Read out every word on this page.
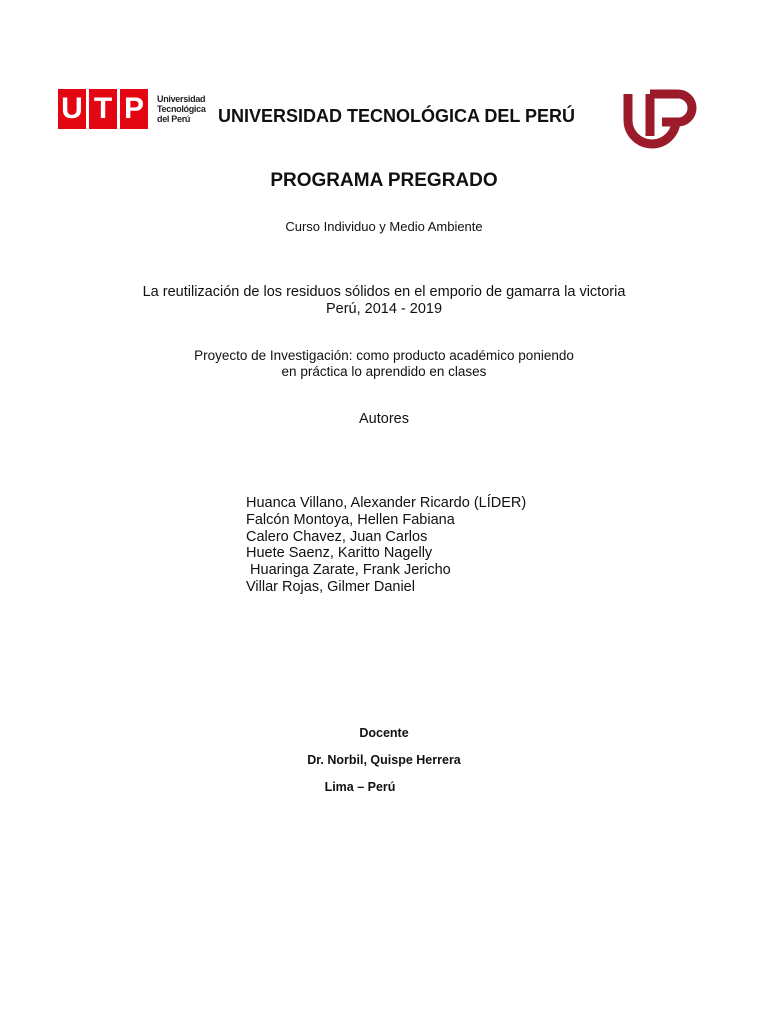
U T P	Universidad
Tecnológica
del Perú	UNIVERSIDAD TECNOLÓGICA DEL PERÚ
PROGRAMA PREGRADO
Curso Individuo y Medio Ambiente
La reutilización de los residuos sólidos en el emporio de gamarra la victoria
Perú, 2014 - 2019
Proyecto de Investigación: como producto académico poniendo
en práctica lo aprendido en clases
Autores
Huanca Villano, Alexander Ricardo (LÍDER)
Falcón Montoya, Hellen Fabiana
Calero Chavez, Juan Carlos
Huete Saenz, Karitto Nagelly
Huaringa Zarate, Frank Jericho
Villar Rojas, Gilmer Daniel
Docente
Dr. Norbil, Quispe Herrera
Lima – Perú
